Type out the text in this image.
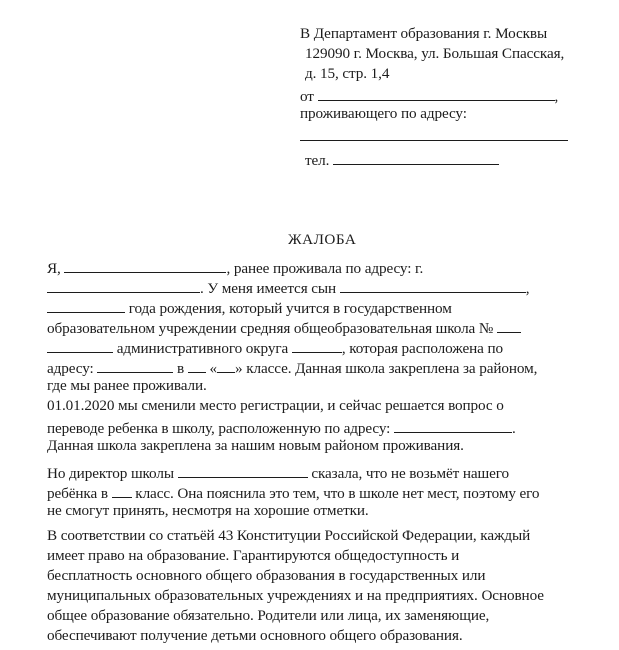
В Департамент образования г. Москвы
129090 г. Москва, ул. Большая Спасская,
д. 15, стр. 1,4
от	,
проживающего по адресу:
тел.
ЖАЛОБА
Я,	, ранее проживала по адресу: г.
. У меня имеется сын	,
года рождения, который учится в государственном
образовательном учреждении средняя общеобразовательная школа №
административного округа	, которая расположена по
адресу:	в « » классе. Данная школа закреплена за районом,
где мы ранее проживали.
01.01.2020 мы сменили место регистрации, и сейчас решается вопрос о
переводе ребенка в школу, расположенную по адресу:	.
Данная школа закреплена за нашим новым районом проживания.
Но директор школы	сказала, что не возьмёт нашего
ребёнка в класс. Она пояснила это тем, что в школе нет мест, поэтому его
не смогут принять, несмотря на хорошие отметки.
В соответствии со статьёй 43 Конституции Российской Федерации, каждый
имеет право на образование. Гарантируются общедоступность и
бесплатность основного общего образования в государственных или
муниципальных образовательных учреждениях и на предприятиях. Основное
общее образование обязательно. Родители или лица, их заменяющие,
обеспечивают получение детьми основного общего образования.
